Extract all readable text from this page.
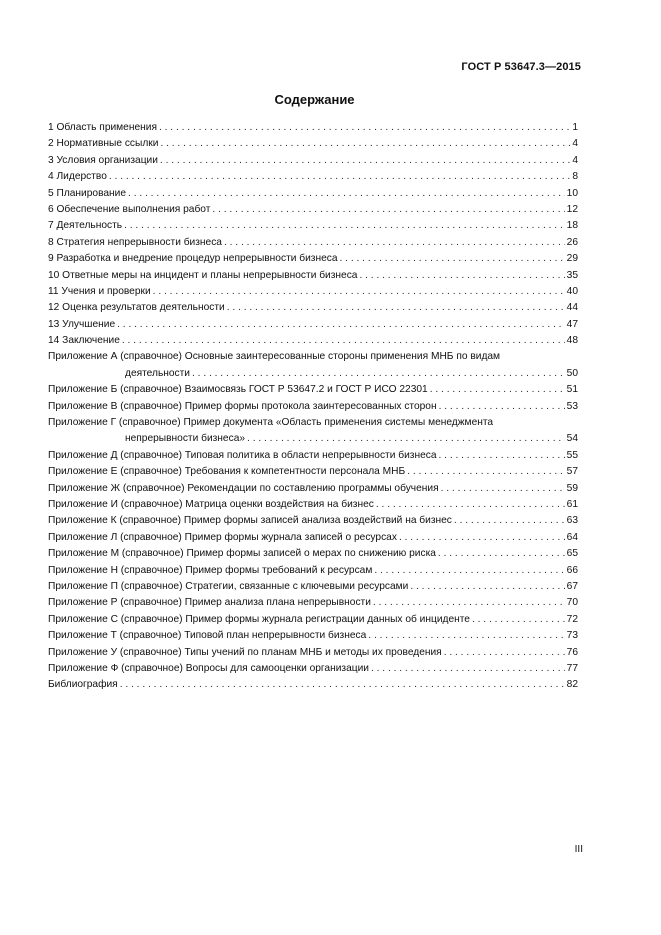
ГОСТ Р 53647.3—2015
Содержание
1 Область применения . . .	1
2 Нормативные ссылки . . .	4
3 Условия организации . . .	4
4 Лидерство . . .	8
5 Планирование . . .	10
6 Обеспечение выполнения работ . . .	12
7 Деятельность . . .	18
8 Стратегия непрерывности бизнеса . . .	26
9 Разработка и внедрение процедур непрерывности бизнеса . . .	29
10 Ответные меры на инцидент и планы непрерывности бизнеса . . .	35
11 Учения и проверки . . .	40
12 Оценка результатов деятельности . . .	44
13 Улучшение . . .	47
14 Заключение . . .	48
Приложение А (справочное) Основные заинтересованные стороны применения МНБ по видам
деятельности . . .	50
Приложение Б (справочное) Взаимосвязь ГОСТ Р 53647.2 и ГОСТ Р ИСО 22301 . . .	51
Приложение В (справочное) Пример формы протокола заинтересованных сторон . . .	53
Приложение Г (справочное) Пример документа «Область применения системы менеджмента
непрерывности бизнеса» . . .	54
Приложение Д (справочное) Типовая политика в области непрерывности бизнеса . . .	55
Приложение Е (справочное) Требования к компетентности персонала МНБ . . .	57
Приложение Ж (справочное) Рекомендации по составлению программы обучения . . .	59
Приложение И (справочное) Матрица оценки воздействия на бизнес . . .	61
Приложение К (справочное) Пример формы записей анализа воздействий на бизнес . . .	63
Приложение Л (справочное) Пример формы журнала записей о ресурсах . . .	64
Приложение М (справочное) Пример формы записей о мерах по снижению риска . . .	65
Приложение Н (справочное) Пример формы требований к ресурсам . . .	66
Приложение П (справочное) Стратегии, связанные с ключевыми ресурсами . . .	67
Приложение Р (справочное) Пример анализа плана непрерывности . . .	70
Приложение С (справочное) Пример формы журнала регистрации данных об инциденте . . .	72
Приложение Т (справочное) Типовой план непрерывности бизнеса . . .	73
Приложение У (справочное) Типы учений по планам МНБ и методы их проведения . . .	76
Приложение Ф (справочное) Вопросы для самооценки организации . . .	77
Библиография . . .	82
III
